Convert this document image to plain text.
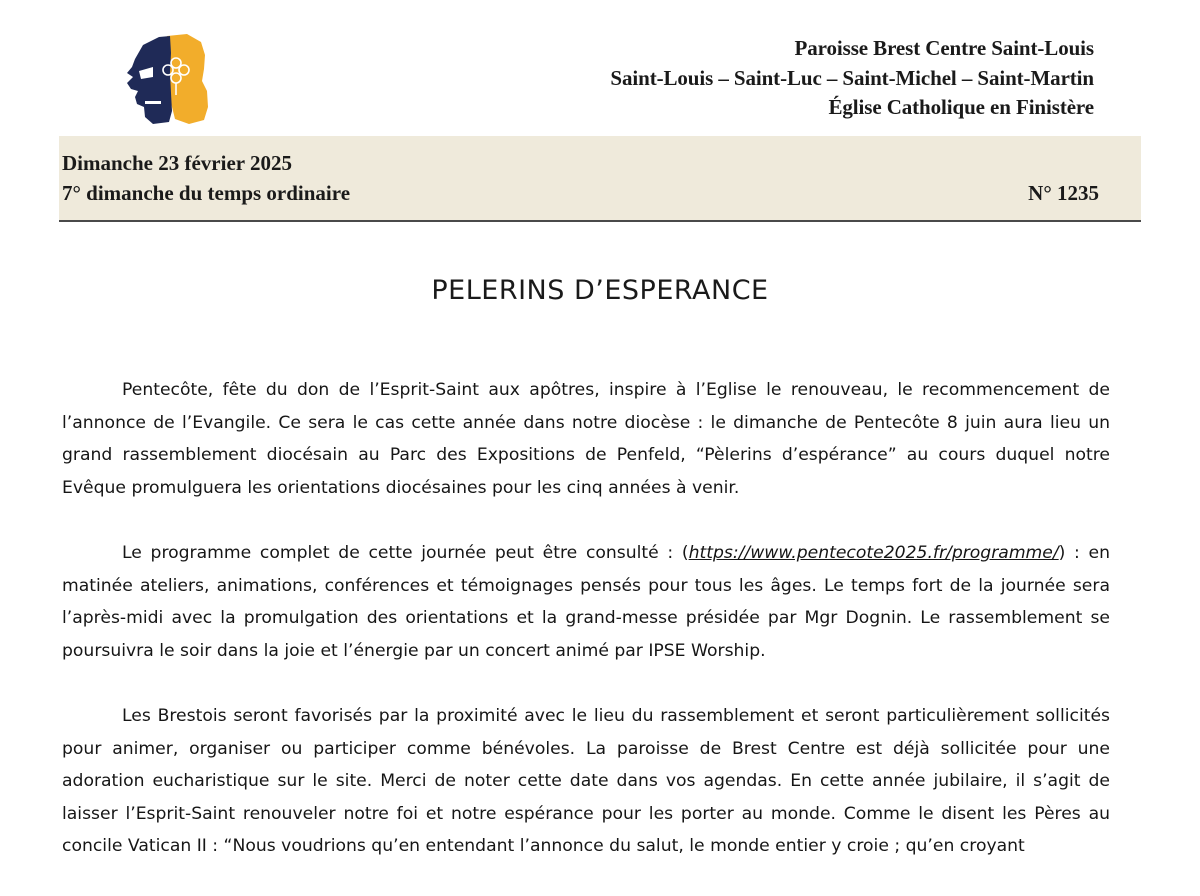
Paroisse Brest Centre Saint-Louis
Saint-Louis – Saint-Luc – Saint-Michel – Saint-Martin
Église Catholique en Finistère
Dimanche 23 février 2025
7° dimanche du temps ordinaire	N° 1235
PELERINS D’ESPERANCE

Pentecôte, fête du don de l’Esprit-Saint aux apôtres, inspire à l’Eglise le renouveau, le recommencement de l’annonce de l’Evangile. Ce sera le cas cette année dans notre diocèse : le dimanche de Pentecôte 8 juin aura lieu un grand rassemblement diocésain au Parc des Expositions de Penfeld, “Pèlerins d’espérance” au cours duquel notre Evêque promulguera les orientations diocésaines pour les cinq années à venir.

Le programme complet de cette journée peut être consulté : (https://www.pentecote2025.fr/programme/) : en matinée ateliers, animations, conférences et témoignages pensés pour tous les âges. Le temps fort de la journée sera l’après-midi avec la promulgation des orientations et la grand-messe présidée par Mgr Dognin. Le rassemblement se poursuivra le soir dans la joie et l’énergie par un concert animé par IPSE Worship.

Les Brestois seront favorisés par la proximité avec le lieu du rassemblement et seront particulièrement sollicités pour animer, organiser ou participer comme bénévoles. La paroisse de Brest Centre est déjà sollicitée pour une adoration eucharistique sur le site. Merci de noter cette date dans vos agendas. En cette année jubilaire, il s’agit de laisser l’Esprit-Saint renouveler notre foi et notre espérance pour les porter au monde. Comme le disent les Pères au concile Vatican II : “Nous voudrions qu’en entendant l’annonce du salut, le monde entier y croie ; qu’en croyant
